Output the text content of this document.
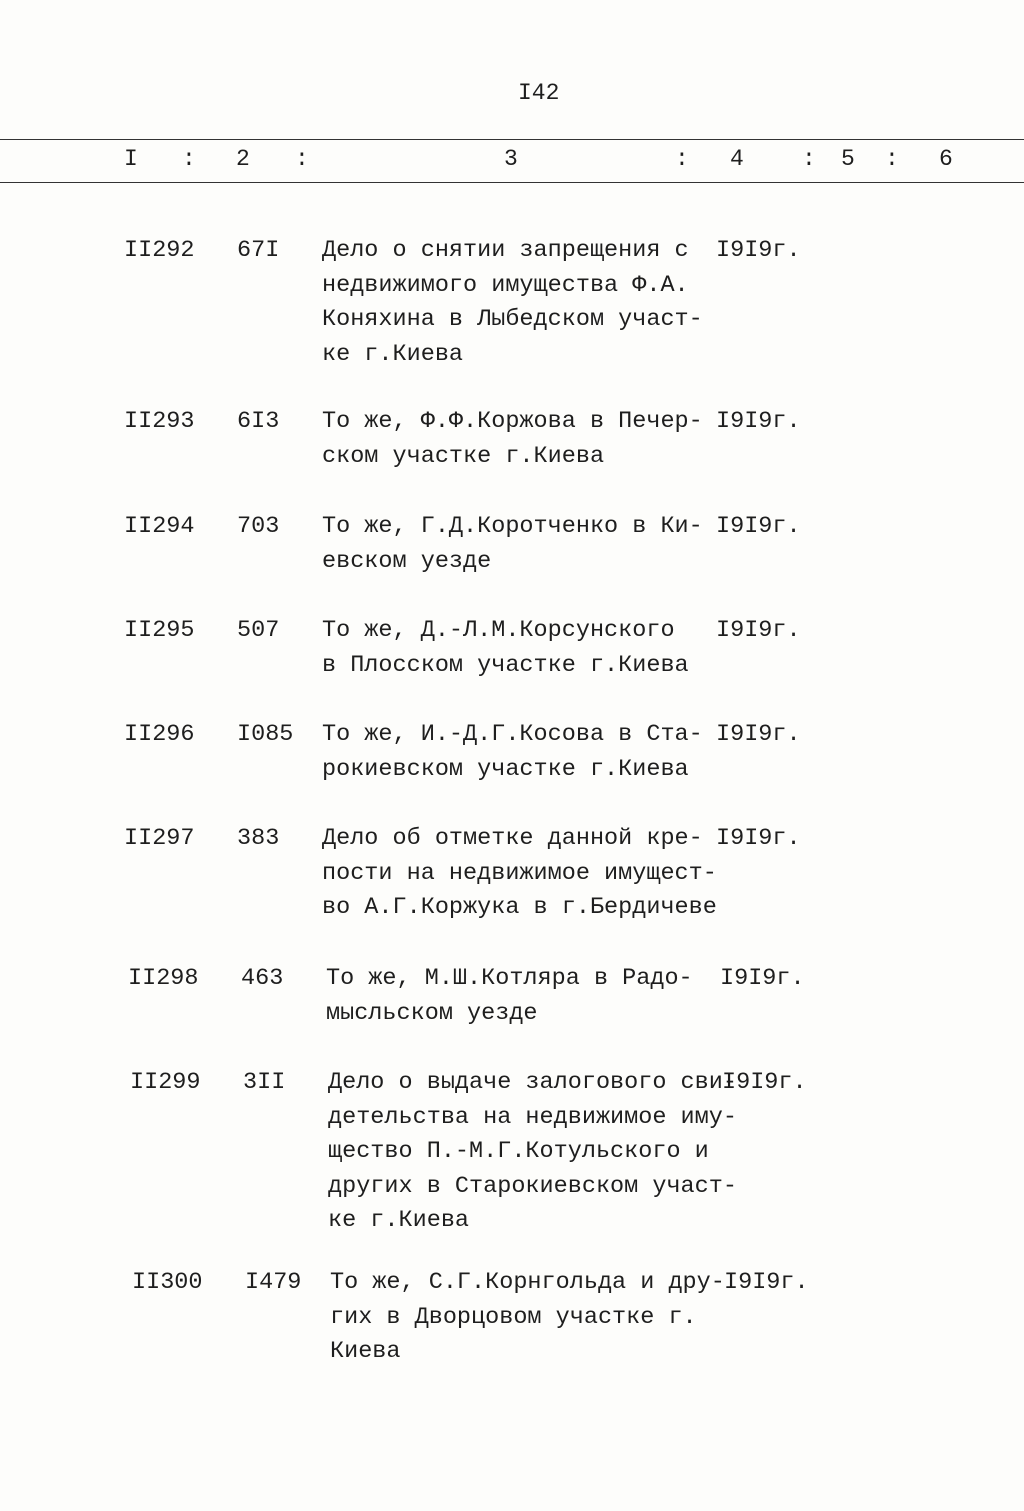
I42
I : 2 :	3	: 4	: 5 : 6
II292 67I Дело о снятии запрещения с
недвижимого имущества Ф.А.
Коняхина в Лыбедском участ-
ке г.Киева
I9I9г.
II293 6I3 То же, Ф.Ф.Коржова в Печер-
ском участке г.Киева
I9I9г.
II294 703 То же, Г.Д.Коротченко в Ки-
евском уезде
I9I9г.
II295 507 То же, Д.-Л.М.Корсунского
в Плосском участке г.Киева
I9I9г.
II296 I085 То же, И.-Д.Г.Косова в Ста-
рокиевском участке г.Киева
I9I9г.
II297 383 Дело об отметке данной кре-
пости на недвижимое имущест-
во А.Г.Коржука в г.Бердичеве
I9I9г.
II298 463 То же, М.Ш.Котляра в Радо-
мысльском уезде
I9I9г.
II299 3II Дело о выдаче залогового сви-
детельства на недвижимое иму-
щество П.-М.Г.Котульского и
других в Старокиевском участ-
ке г.Киева
I9I9г.
II300 I479 То же, С.Г.Корнгольда и дру-
гих в Дворцовом участке г.
Киева
I9I9г.
